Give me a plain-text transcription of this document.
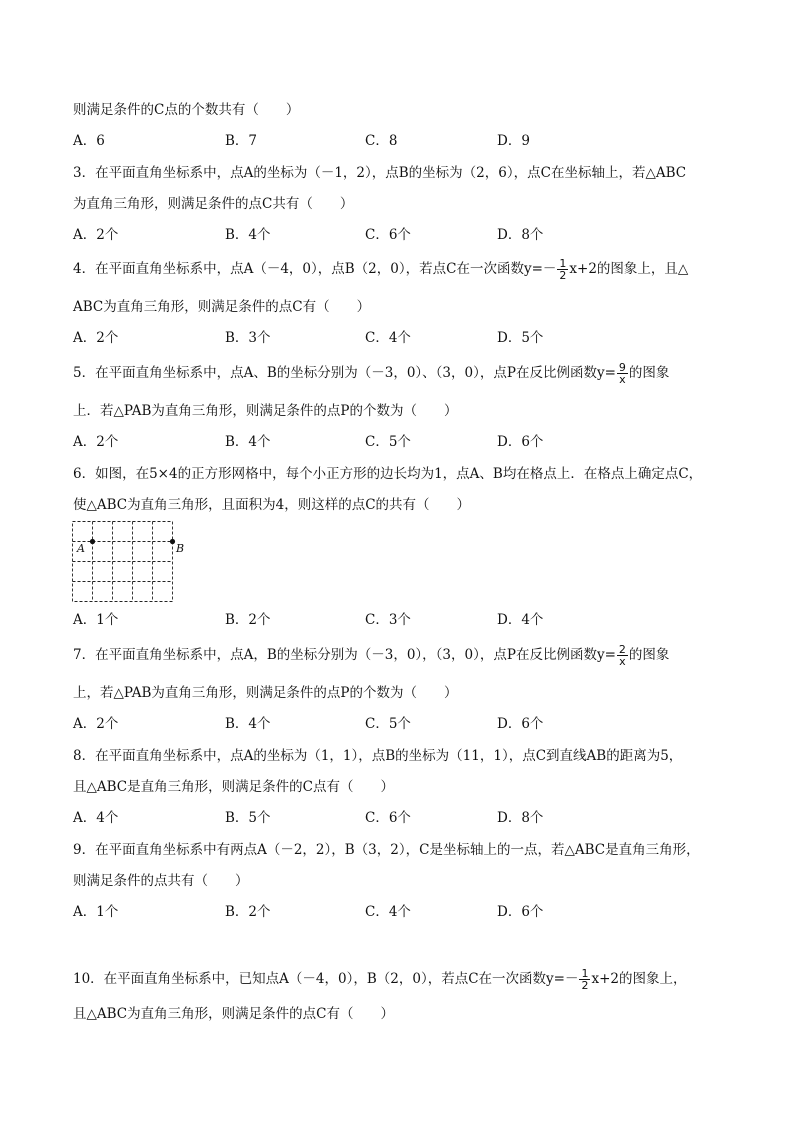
则满足条件的C点的个数共有（　　）
A．6	B．7	C．8	D．9
3．在平面直角坐标系中，点A的坐标为（－1，2），点B的坐标为（2，6），点C在坐标轴上，若△ABC
为直角三角形，则满足条件的点C共有（　　）
A．2个	B．4个	C．6个	D．8个
4．在平面直角坐标系中，点A（－4，0），点B（2，0），若点C在一次函数$y=- \frac{1}{2} x+2$的图象上，且△
ABC为直角三角形，则满足条件的点C有（　　）
A．2个	B．3个	C．4个	D．5个
5．在平面直角坐标系中，点A、B的坐标分别为（－3，0）、（3，0），点P在反比例函数$y= \frac{9}{x}$ 的图象
上．若△PAB为直角三角形，则满足条件的点P的个数为（　　）
A．2个	B．4个	C．5个	D．6个
6．如图，在5×4的正方形网格中，每个小正方形的边长均为1，点A、B均在格点上．在格点上确定点C，
使△ABC为直角三角形，且面积为4，则这样的点C的共有（　　）
A	B
A．1个	B．2个	C．3个	D．4个
7．在平面直角坐标系中，点A，B的坐标分别为（－3，0），（3，0），点P在反比例函数$y= \frac{2}{x}$ 的图象
上，若△PAB为直角三角形，则满足条件的点P的个数为（　　）
A．2个	B．4个	C．5个	D．6个
8．在平面直角坐标系中，点A的坐标为（1，1），点B的坐标为（11，1），点C到直线AB的距离为5，
且△ABC是直角三角形，则满足条件的C点有（　　）
A．4个	B．5个	C．6个	D．8个
9．在平面直角坐标系中有两点A（－2，2），B（3，2），C是坐标轴上的一点，若△ABC是直角三角形，
则满足条件的点共有（　　）
A．1个	B．2个	C．4个	D．6个
10．在平面直角坐标系中，已知点A（－4，0），B（2，0），若点C在一次函数$y=- \frac{1}{2} x+2$的图象上，
且△ABC为直角三角形，则满足条件的点C有（　　）
